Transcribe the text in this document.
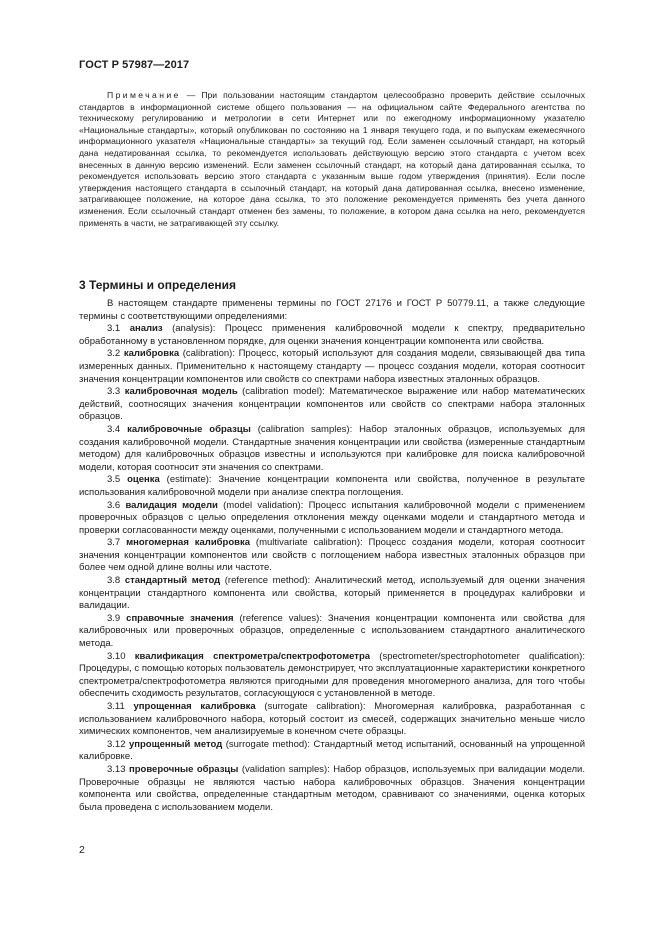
ГОСТ Р 57987—2017
Примечание — При пользовании настоящим стандартом целесообразно проверить действие ссылочных стандартов в информационной системе общего пользования — на официальном сайте Федерального агентства по техническому регулированию и метрологии в сети Интернет или по ежегодному информационному указателю «Национальные стандарты», который опубликован по состоянию на 1 января текущего года, и по выпускам ежемесячного информационного указателя «Национальные стандарты» за текущий год. Если заменен ссылочный стандарт, на который дана недатированная ссылка, то рекомендуется использовать действующую версию этого стандарта с учетом всех внесенных в данную версию изменений. Если заменен ссылочный стандарт, на который дана датированная ссылка, то рекомендуется использовать версию этого стандарта с указанным выше годом утверждения (принятия). Если после утверждения настоящего стандарта в ссылочный стандарт, на который дана датированная ссылка, внесено изменение, затрагивающее положение, на которое дана ссылка, то это положение рекомендуется применять без учета данного изменения. Если ссылочный стандарт отменен без замены, то положение, в котором дана ссылка на него, рекомендуется применять в части, не затрагивающей эту ссылку.
3 Термины и определения

В настоящем стандарте применены термины по ГОСТ 27176 и ГОСТ Р 50779.11, а также следующие термины с соответствующими определениями:

3.1 анализ (analysis): Процесс применения калибровочной модели к спектру, предварительно обработанному в установленном порядке, для оценки значения концентрации компонента или свойства.

3.2 калибровка (calibration): Процесс, который используют для создания модели, связывающей два типа измеренных данных. Применительно к настоящему стандарту — процесс создания модели, которая соотносит значения концентрации компонентов или свойств со спектрами набора известных эталонных образцов.

3.3 калибровочная модель (calibration model): Математическое выражение или набор математических действий, соотносящих значения концентрации компонентов или свойств со спектрами набора эталонных образцов.

3.4 калибровочные образцы (calibration samples): Набор эталонных образцов, используемых для создания калибровочной модели. Стандартные значения концентрации или свойства (измеренные стандартным методом) для калибровочных образцов известны и используются при калибровке для поиска калибровочной модели, которая соотносит эти значения со спектрами.

3.5 оценка (estimate): Значение концентрации компонента или свойства, полученное в результате использования калибровочной модели при анализе спектра поглощения.

3.6 валидация модели (model validation): Процесс испытания калибровочной модели с применением проверочных образцов с целью определения отклонения между оценками модели и стандартного метода и проверки согласованности между оценками, полученными с использованием модели и стандартного метода.

3.7 многомерная калибровка (multivariate calibration): Процесс создания модели, которая соотносит значения концентрации компонентов или свойств с поглощением набора известных эталонных образцов при более чем одной длине волны или частоте.

3.8 стандартный метод (reference method): Аналитический метод, используемый для оценки значения концентрации стандартного компонента или свойства, который применяется в процедурах калибровки и валидации.

3.9 справочные значения (reference values): Значения концентрации компонента или свойства для калибровочных или проверочных образцов, определенные с использованием стандартного аналитического метода.

3.10 квалификация спектрометра/спектрофотометра (spectrometer/spectrophotometer qualification): Процедуры, с помощью которых пользователь демонстрирует, что эксплуатационные характеристики конкретного спектрометра/спектрофотометра являются пригодными для проведения многомерного анализа, для того чтобы обеспечить сходимость результатов, согласующуюся с установленной в методе.

3.11 упрощенная калибровка (surrogate calibration): Многомерная калибровка, разработанная с использованием калибровочного набора, который состоит из смесей, содержащих значительно меньше число химических компонентов, чем анализируемые в конечном счете образцы.

3.12 упрощенный метод (surrogate method): Стандартный метод испытаний, основанный на упрощенной калибровке.

3.13 проверочные образцы (validation samples): Набор образцов, используемых при валидации модели. Проверочные образцы не являются частью набора калибровочных образцов. Значения концентрации компонента или свойства, определенные стандартным методом, сравнивают со значениями, оценка которых была проведена с использованием модели.

2
